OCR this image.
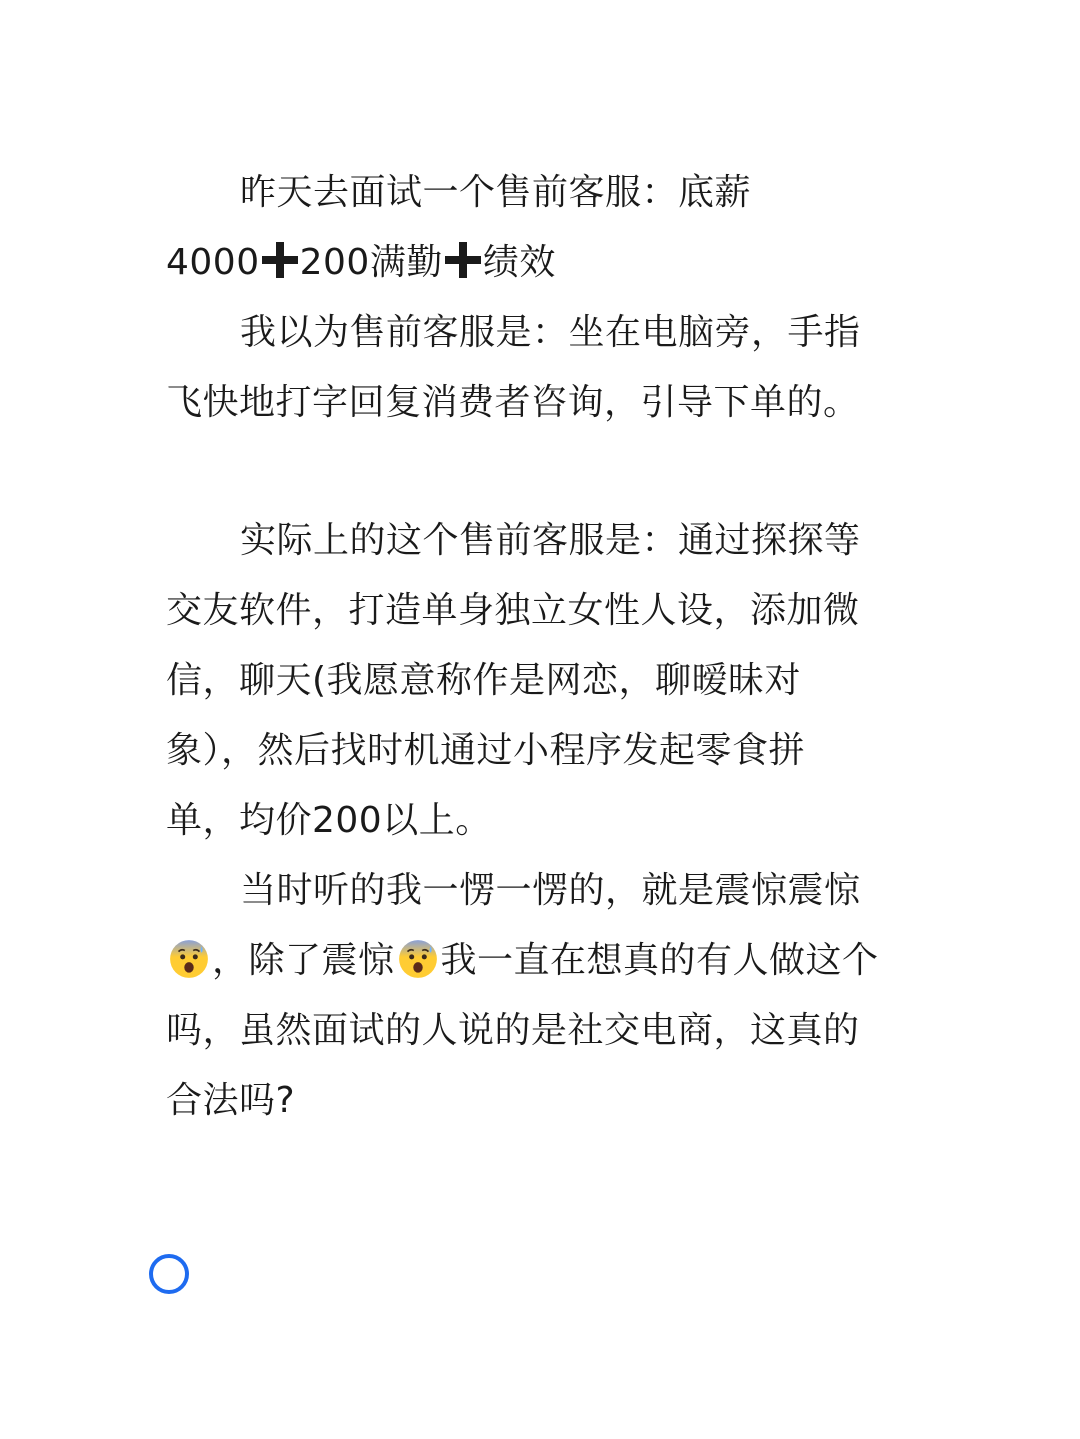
昨天去面试一个售前客服：底薪
4000 200满勤 绩效
我以为售前客服是：坐在电脑旁，手指
飞快地打字回复消费者咨询，引导下单的。
实际上的这个售前客服是：通过探探等
交友软件，打造单身独立女性人设，添加微
信，聊天(我愿意称作是网恋，聊暧昧对
象），然后找时机通过小程序发起零食拼
单，均价200以上。
当时听的我一愣一愣的，就是震惊震惊
，除了震惊 我一直在想真的有人做这个
吗，虽然面试的人说的是社交电商，这真的
合法吗?
